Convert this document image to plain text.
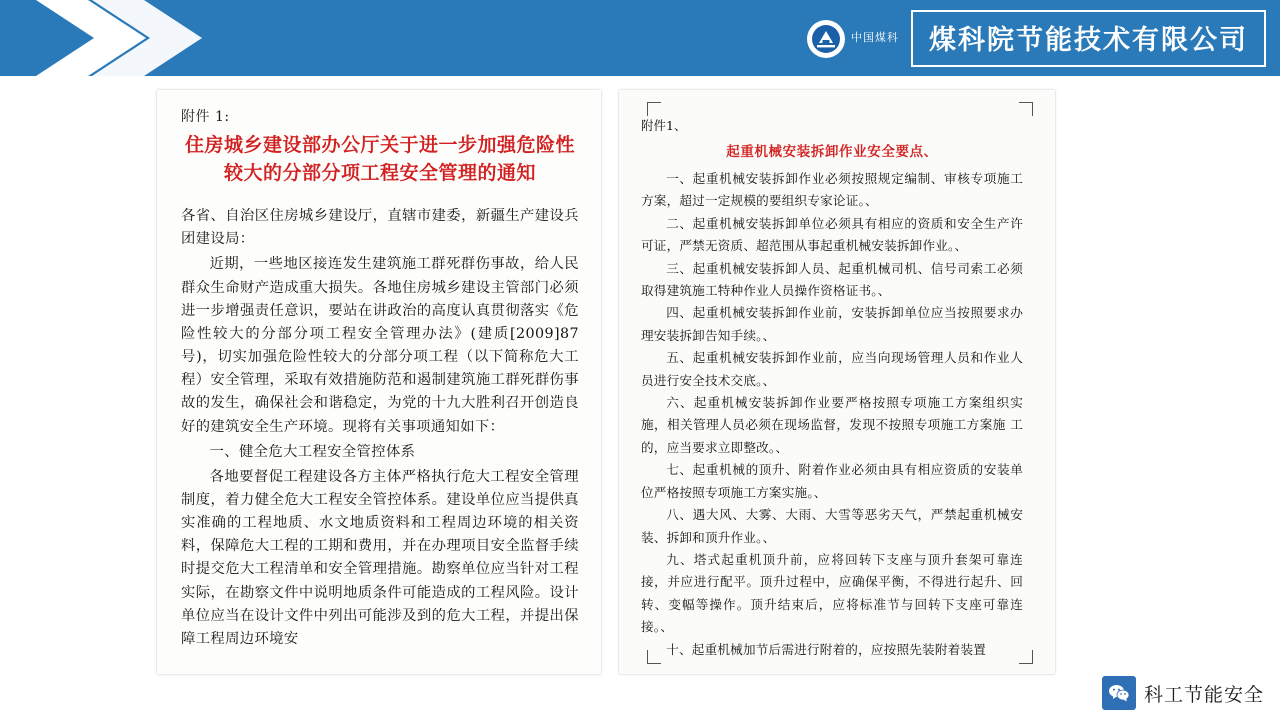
中国煤科	煤科院节能技术有限公司
附件 1:
住房城乡建设部办公厅关于进一步加强危险性较大的分部分项工程安全管理的通知

各省、自治区住房城乡建设厅，直辖市建委，新疆生产建设兵团建设局：

近期，一些地区接连发生建筑施工群死群伤事故，给人民群众生命财产造成重大损失。各地住房城乡建设主管部门必须进一步增强责任意识，要站在讲政治的高度认真贯彻落实《危险性较大的分部分项工程安全管理办法》(建质[2009]87 号)，切实加强危险性较大的分部分项工程（以下简称危大工程）安全管理，采取有效措施防范和遏制建筑施工群死群伤事故的发生，确保社会和谐稳定，为党的十九大胜利召开创造良好的建筑安全生产环境。现将有关事项通知如下：

一、健全危大工程安全管控体系

各地要督促工程建设各方主体严格执行危大工程安全管理制度，着力健全危大工程安全管控体系。建设单位应当提供真实准确的工程地质、水文地质资料和工程周边环境的相关资料，保障危大工程的工期和费用，并在办理项目安全监督手续时提交危大工程清单和安全管理措施。勘察单位应当针对工程实际，在勘察文件中说明地质条件可能造成的工程风险。设计单位应当在设计文件中列出可能涉及到的危大工程，并提出保障工程周边环境安

附件1、
起重机械安装拆卸作业安全要点、

一、起重机械安装拆卸作业必须按照规定编制、审核专项施工方案，超过一定规模的要组织专家论证。、

二、起重机械安装拆卸单位必须具有相应的资质和安全生产许可证，严禁无资质、超范围从事起重机械安装拆卸作业。、

三、起重机械安装拆卸人员、起重机械司机、信号司索工必须取得建筑施工特种作业人员操作资格证书。、

四、起重机械安装拆卸作业前，安装拆卸单位应当按照要求办理安装拆卸告知手续。、

五、起重机械安装拆卸作业前，应当向现场管理人员和作业人员进行安全技术交底。、

六、起重机械安装拆卸作业要严格按照专项施工方案组织实施，相关管理人员必须在现场监督，发现不按照专项施工方案施 工的，应当要求立即整改。、

七、起重机械的顶升、附着作业必须由具有相应资质的安装单位严格按照专项施工方案实施。、

八、遇大风、大雾、大雨、大雪等恶劣天气，严禁起重机械安装、拆卸和顶升作业。、

九、塔式起重机顶升前，应将回转下支座与顶升套架可靠连接，并应进行配平。顶升过程中，应确保平衡，不得进行起升、回转、变幅等操作。顶升结束后，应将标准节与回转下支座可靠连接。、

十、起重机械加节后需进行附着的，应按照先装附着装置

科工节能安全
